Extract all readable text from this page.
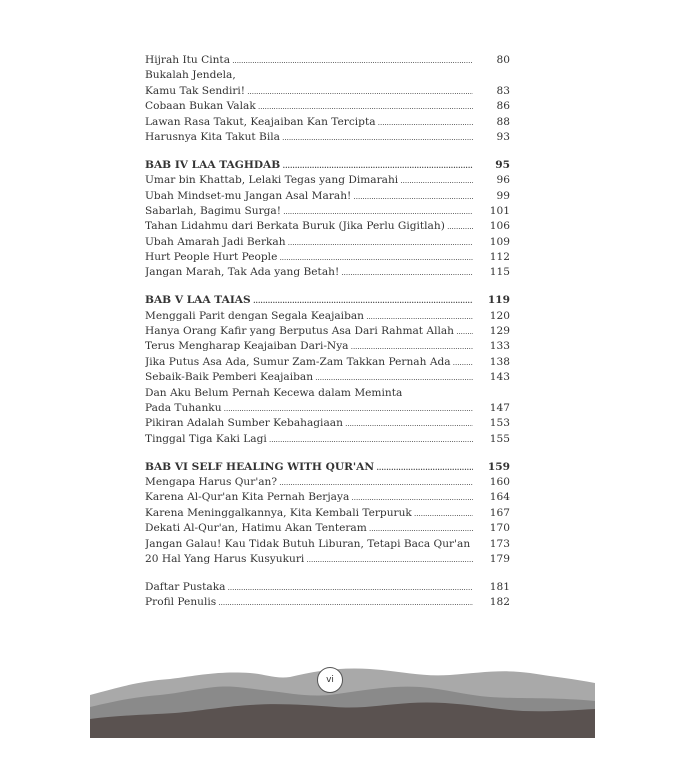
Hijrah Itu Cinta .....	80
Bukalah Jendela,
Kamu Tak Sendiri! .....	83
Cobaan Bukan Valak .....	86
Lawan Rasa Takut, Keajaiban Kan Tercipta .....	88
Harusnya Kita Takut Bila .....	93
BAB IV LAA TAGHDAB .....	95
Umar bin Khattab, Lelaki Tegas yang Dimarahi .....	96
Ubah Mindset-mu Jangan Asal Marah! .....	99
Sabarlah, Bagimu Surga! .....	101
Tahan Lidahmu dari Berkata Buruk (Jika Perlu Gigitlah) .....	106
Ubah Amarah Jadi Berkah .....	109
Hurt People Hurt People .....	112
Jangan Marah, Tak Ada yang Betah! .....	115
BAB V LAA TAIAS .....	119
Menggali Parit dengan Segala Keajaiban .....	120
Hanya Orang Kafir yang Berputus Asa Dari Rahmat Allah .....	129
Terus Mengharap Keajaiban Dari-Nya .....	133
Jika Putus Asa Ada, Sumur Zam-Zam Takkan Pernah Ada .....	138
Sebaik-Baik Pemberi Keajaiban .....	143
Dan Aku Belum Pernah Kecewa dalam Meminta
Pada Tuhanku .....	147
Pikiran Adalah Sumber Kebahagiaan .....	153
Tinggal Tiga Kaki Lagi .....	155
BAB VI SELF HEALING WITH QUR'AN .....	159
Mengapa Harus Qur'an? .....	160
Karena Al-Qur'an Kita Pernah Berjaya .....	164
Karena Meninggalkannya, Kita Kembali Terpuruk .....	167
Dekati Al-Qur'an, Hatimu Akan Tenteram .....	170
Jangan Galau! Kau Tidak Butuh Liburan, Tetapi Baca Qur'an .....	173
20 Hal Yang Harus Kusyukuri .....	179
Daftar Pustaka .....	181
Profil Penulis .....	182
vi
